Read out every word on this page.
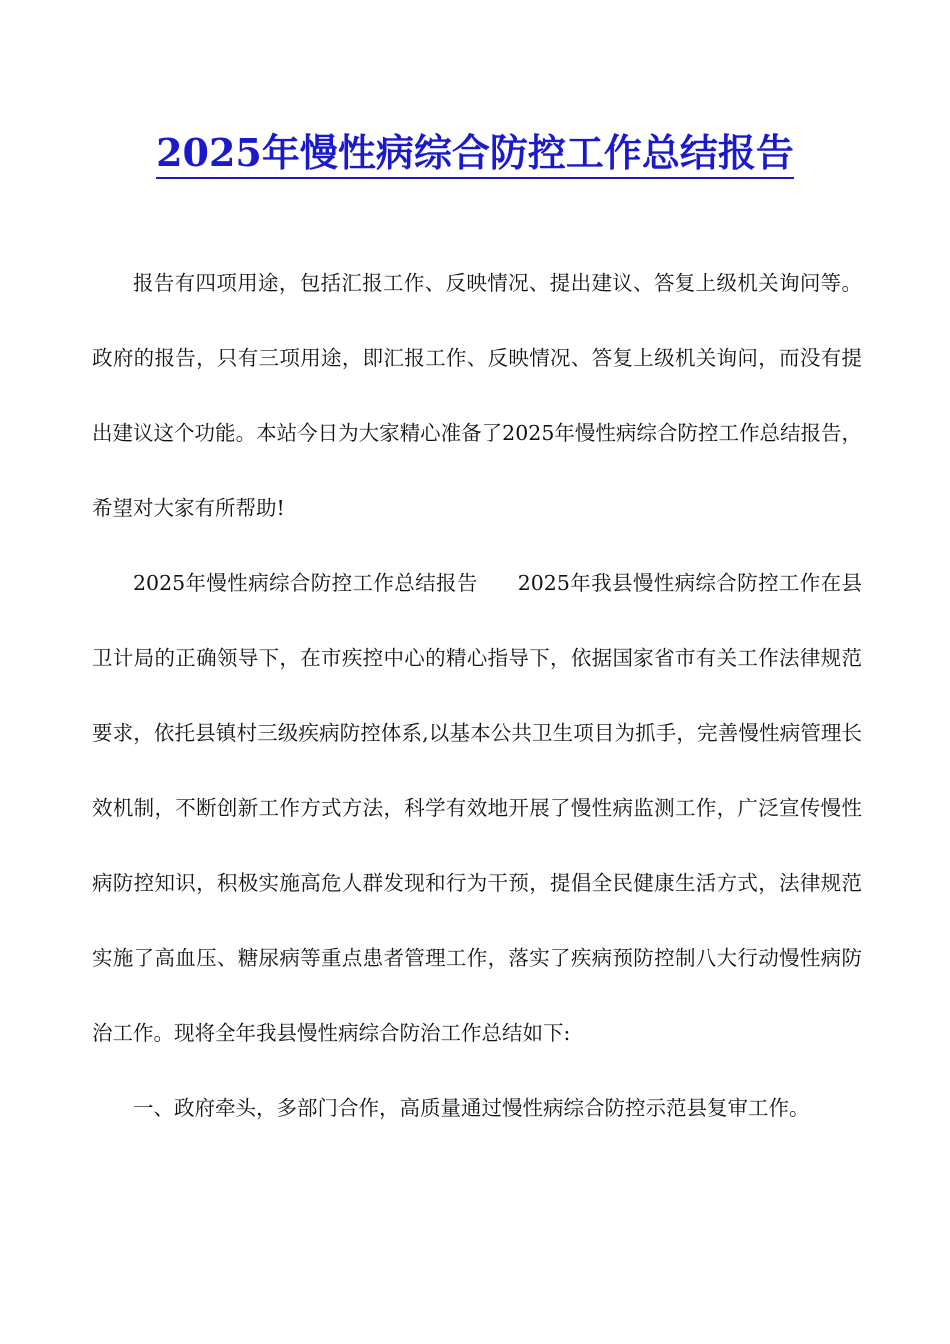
2025年慢性病综合防控工作总结报告

报告有四项用途，包括汇报工作、反映情况、提出建议、答复上级机关询问等。政府的报告，只有三项用途，即汇报工作、反映情况、答复上级机关询问，而没有提出建议这个功能。本站今日为大家精心准备了2025年慢性病综合防控工作总结报告，希望对大家有所帮助!

2025年慢性病综合防控工作总结报告 2025年我县慢性病综合防控工作在县卫计局的正确领导下，在市疾控中心的精心指导下，依据国家省市有关工作法律规范要求，依托县镇村三级疾病防控体系,以基本公共卫生项目为抓手，完善慢性病管理长效机制，不断创新工作方式方法，科学有效地开展了慢性病监测工作，广泛宣传慢性病防控知识，积极实施高危人群发现和行为干预，提倡全民健康生活方式，法律规范实施了高血压、糖尿病等重点患者管理工作，落实了疾病预防控制八大行动慢性病防治工作。现将全年我县慢性病综合防治工作总结如下:

一、政府牵头，多部门合作，高质量通过慢性病综合防控示范县复审工作。
